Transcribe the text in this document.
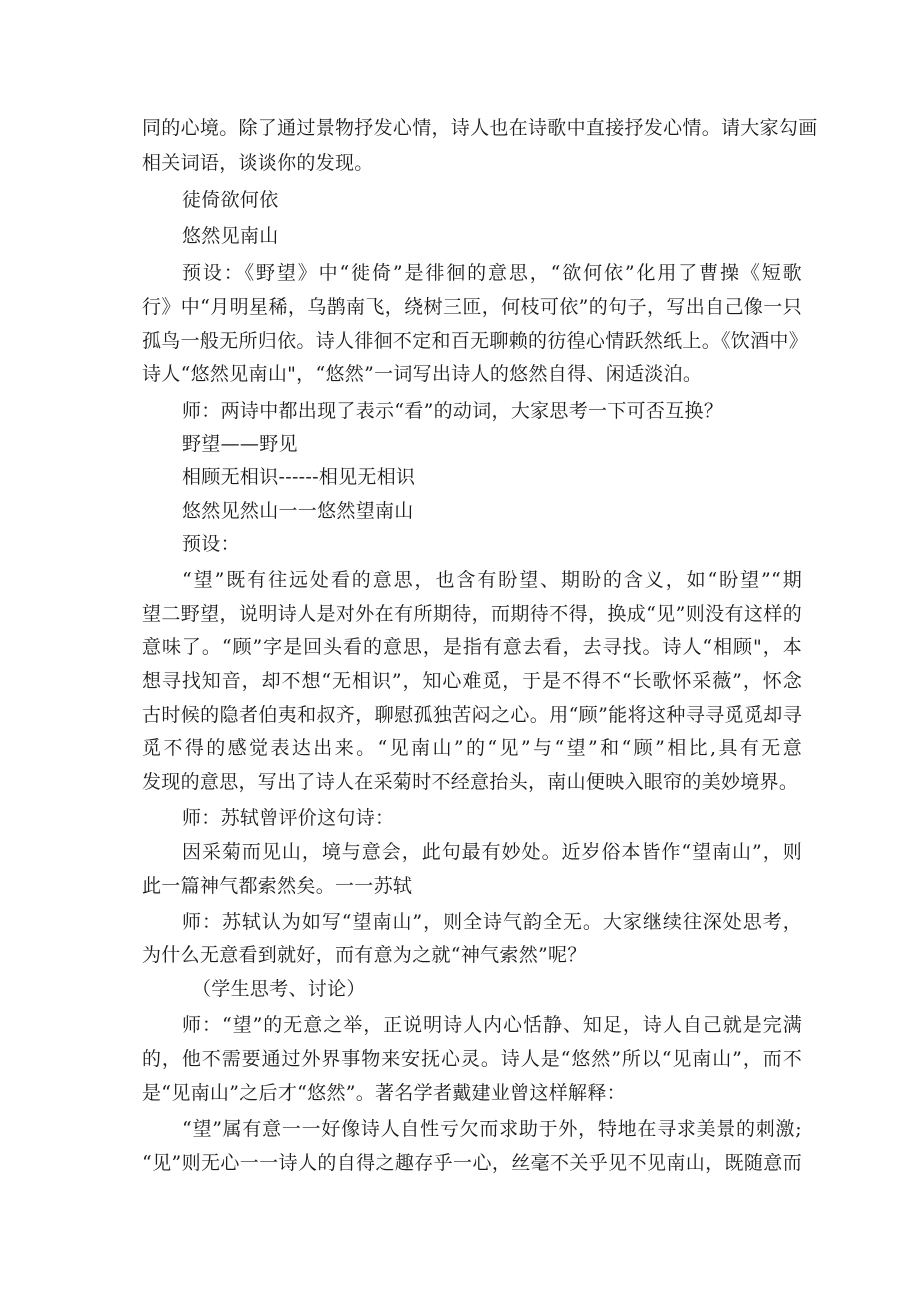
同的心境。除了通过景物抒发心情，诗人也在诗歌中直接抒发心情。请大家勾画
相关词语，谈谈你的发现。
徒倚欲何依
悠然见南山
预设：《野望》中“徙倚”是徘徊的意思，“欲何依”化用了曹操《短歌
行》中“月明星稀，乌鹊南飞，绕树三匝，何枝可依”的句子，写出自己像一只
孤鸟一般无所归依。诗人徘徊不定和百无聊赖的彷徨心情跃然纸上。《饮酒中》
诗人“悠然见南山"，“悠然”一词写出诗人的悠然自得、闲适淡泊。
师：两诗中都出现了表示“看”的动词，大家思考一下可否互换？
野望——野见
相顾无相识------相见无相识
悠然见然山一一悠然望南山
预设：
“望”既有往远处看的意思，也含有盼望、期盼的含义，如“盼望”“期
望二野望，说明诗人是对外在有所期待，而期待不得，换成“见”则没有这样的
意味了。“顾”字是回头看的意思，是指有意去看，去寻找。诗人“相顾"，本
想寻找知音，却不想“无相识”，知心难觅，于是不得不“长歌怀采薇”，怀念
古时候的隐者伯夷和叔齐，聊慰孤独苦闷之心。用“顾”能将这种寻寻觅觅却寻
觅不得的感觉表达出来。“见南山”的“见”与“望”和“顾”相比,具有无意
发现的意思，写出了诗人在采菊时不经意抬头，南山便映入眼帘的美妙境界。
师：苏轼曾评价这句诗：
因采菊而见山，境与意会，此句最有妙处。近岁俗本皆作“望南山”，则
此一篇神气都索然矣。一一苏轼
师：苏轼认为如写“望南山”，则全诗气韵全无。大家继续往深处思考，
为什么无意看到就好，而有意为之就“神气索然”呢？
（学生思考、讨论）
师：“望”的无意之举，正说明诗人内心恬静、知足，诗人自己就是完满
的，他不需要通过外界事物来安抚心灵。诗人是“悠然”所以“见南山”，而不
是“见南山”之后才“悠然”。著名学者戴建业曾这样解释：
“望”属有意一一好像诗人自性亏欠而求助于外，特地在寻求美景的刺激;
“见”则无心一一诗人的自得之趣存乎一心，丝毫不关乎见不见南山，既随意而
